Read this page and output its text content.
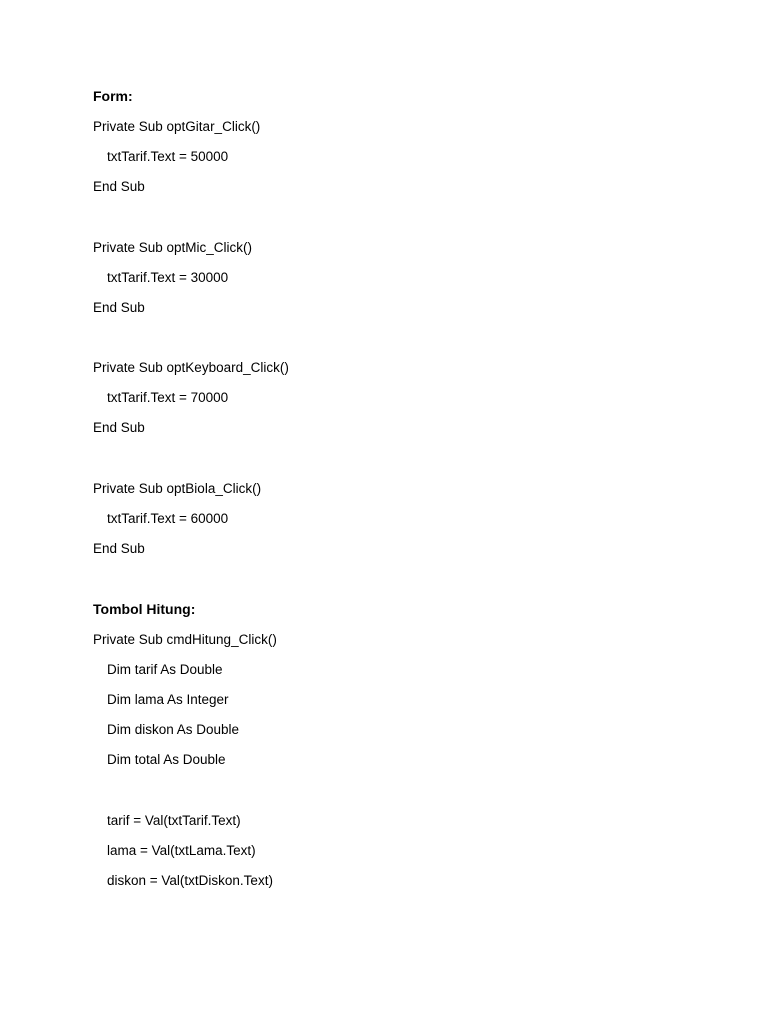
Form:
Private Sub optGitar_Click()
txtTarif.Text = 50000
End Sub
Private Sub optMic_Click()
txtTarif.Text = 30000
End Sub
Private Sub optKeyboard_Click()
txtTarif.Text = 70000
End Sub
Private Sub optBiola_Click()
txtTarif.Text = 60000
End Sub
Tombol Hitung:
Private Sub cmdHitung_Click()
Dim tarif As Double
Dim lama As Integer
Dim diskon As Double
Dim total As Double
tarif = Val(txtTarif.Text)
lama = Val(txtLama.Text)
diskon = Val(txtDiskon.Text)
